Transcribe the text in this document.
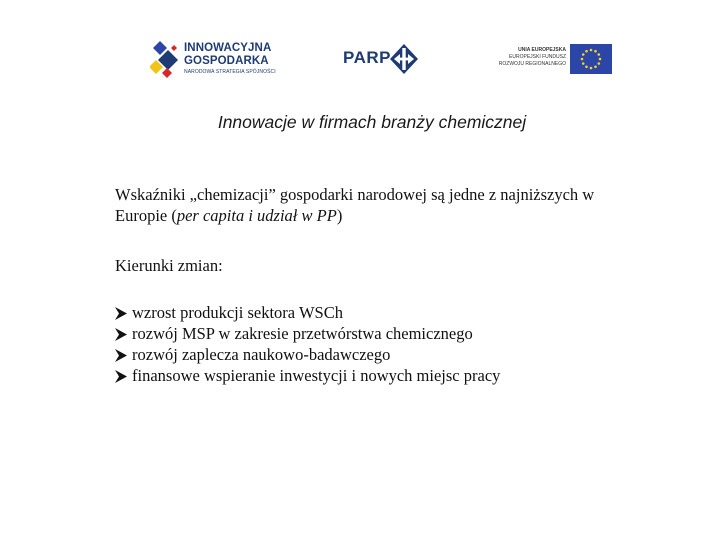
INNOWACYJNA
GOSPODARKA
NARODOWA STRATEGIA SPÓJNOŚCI
PARP	UNIA EUROPEJSKA
EUROPEJSKI FUNDUSZ
ROZWOJU REGIONALNEGO
Innowacje w firmach branży chemicznej

Wskaźniki „chemizacji” gospodarki narodowej są jedne z najniższych w Europie (per capita i udział w PP)

Kierunki zmian:

wzrost produkcji sektora WSCh
rozwój MSP w zakresie przetwórstwa chemicznego
rozwój zaplecza naukowo-badawczego
finansowe wspieranie inwestycji i nowych miejsc pracy
